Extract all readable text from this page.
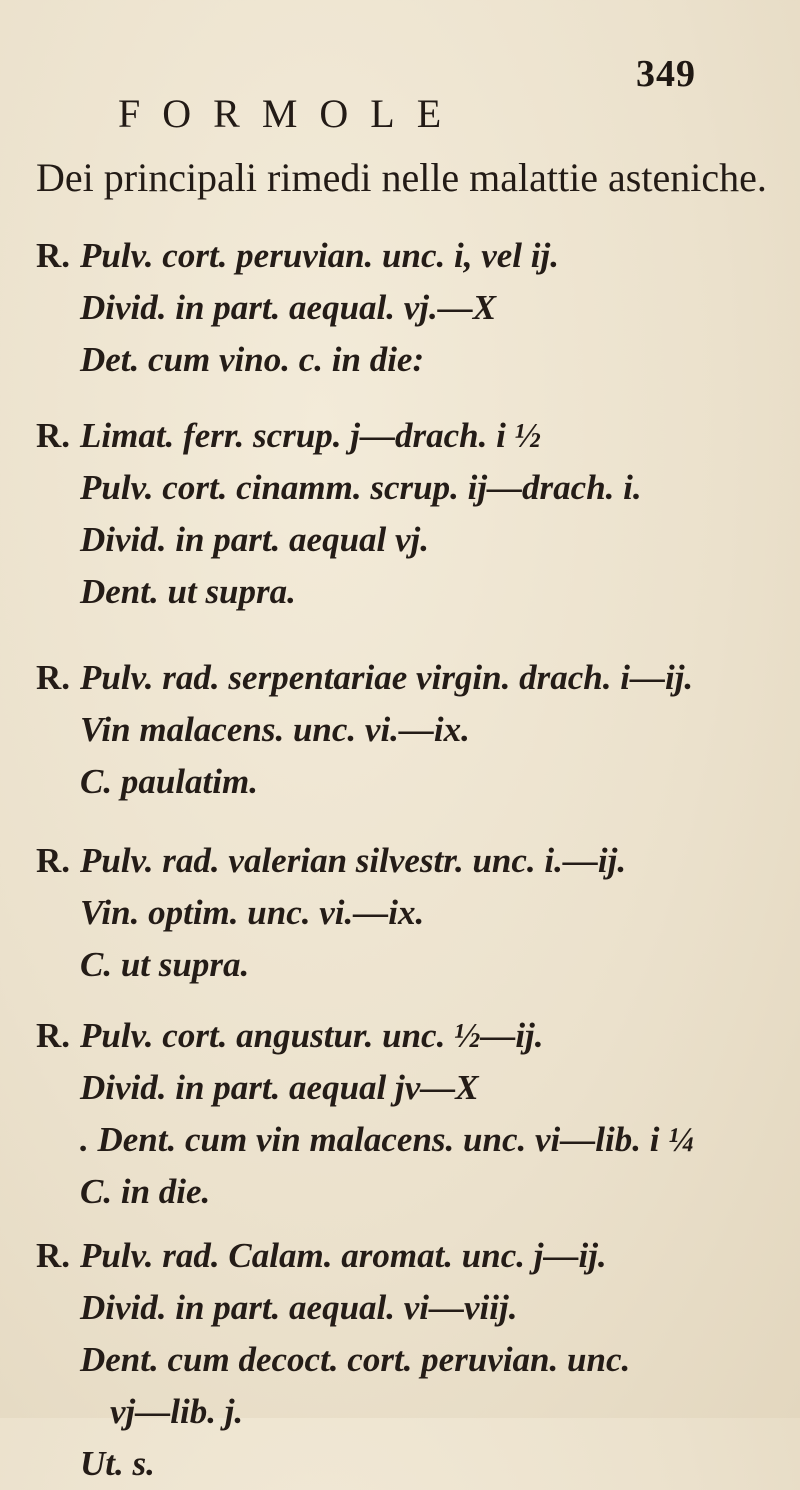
349
FORMOLE
Dei principali rimedi nelle malattie asteniche.
R. Pulv. cort. peruvian. unc. i, vel ij.
Divid. in part. aequal. vj.—X
Det. cum vino. c. in die:
R. Limat. ferr. scrup. j—drach. i ½
Pulv. cort. cinamm. scrup. ij—drach. i.
Divid. in part. aequal vj.
Dent. ut supra.
R. Pulv. rad. serpentariae virgin. drach. i—ij.
Vin malacens. unc. vi.—ix.
C. paulatim.
R. Pulv. rad. valerian silvestr. unc. i.—ij.
Vin. optim. unc. vi.—ix.
C. ut supra.
R. Pulv. cort. angustur. unc. ½—ij.
Divid. in part. aequal jv—X
. Dent. cum vin malacens. unc. vi—lib. i ¼
C. in die.
R. Pulv. rad. Calam. aromat. unc. j—ij.
Divid. in part. aequal. vi—viij.
Dent. cum decoct. cort. peruvian. unc.
vj—lib. j.
Ut. s.
